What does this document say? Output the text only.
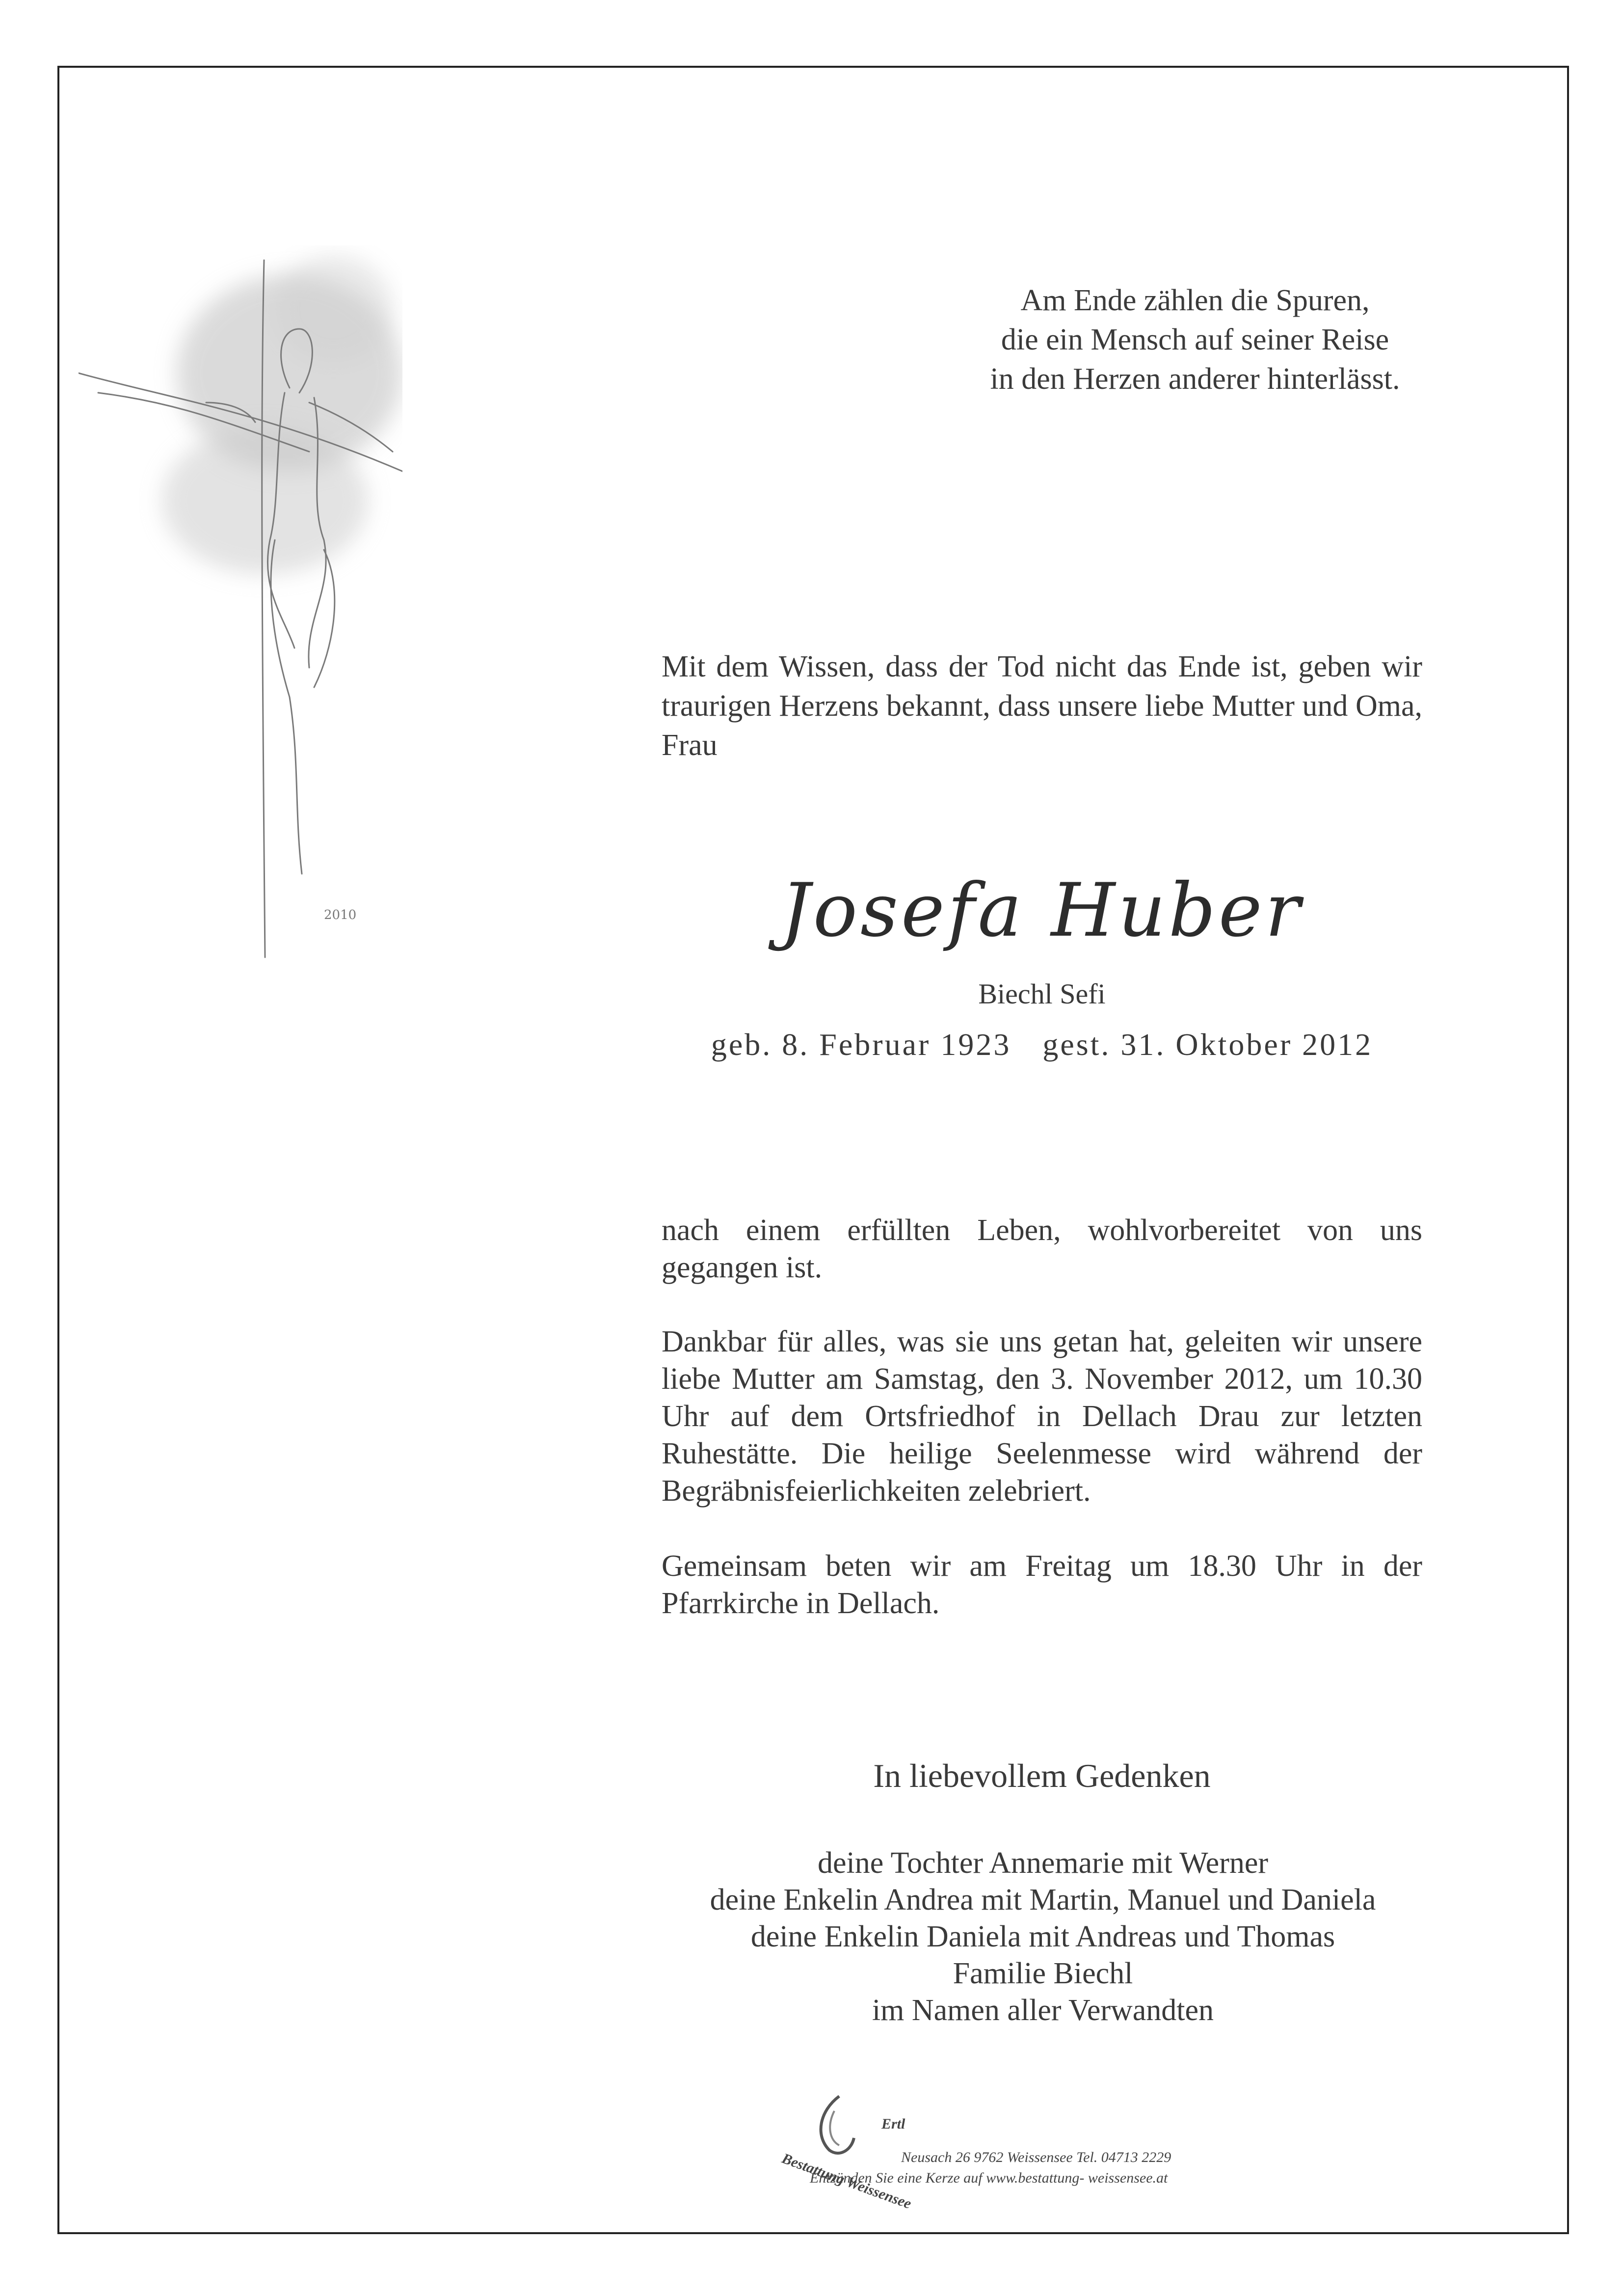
2010
Am Ende zählen die Spuren,
die ein Mensch auf seiner Reise
in den Herzen anderer hinterlässt.
Mit dem Wissen, dass der Tod nicht das Ende ist, geben wir traurigen Herzens bekannt, dass unsere liebe Mutter und Oma, Frau
Josefa Huber
Biechl Sefi
geb. 8. Februar 1923 gest. 31. Oktober 2012
nach einem erfüllten Leben, wohlvorbereitet von uns gegangen ist.
Dankbar für alles, was sie uns getan hat, geleiten wir unsere liebe Mutter am Samstag, den 3. November 2012, um 10.30 Uhr auf dem Ortsfriedhof in Dellach Drau zur letzten Ruhestätte. Die heilige Seelenmesse wird während der Begräbnisfeierlichkeiten zelebriert.
Gemeinsam beten wir am Freitag um 18.30 Uhr in der Pfarrkirche in Dellach.
In liebevollem Gedenken
deine Tochter Annemarie mit Werner
deine Enkelin Andrea mit Martin, Manuel und Daniela
deine Enkelin Daniela mit Andreas und Thomas
Familie Biechl
im Namen aller Verwandten
Ertl
Bestattung Weissensee
Neusach 26 9762 Weissensee Tel. 04713 2229
Entzünden Sie eine Kerze auf www.bestattung- weissensee.at
